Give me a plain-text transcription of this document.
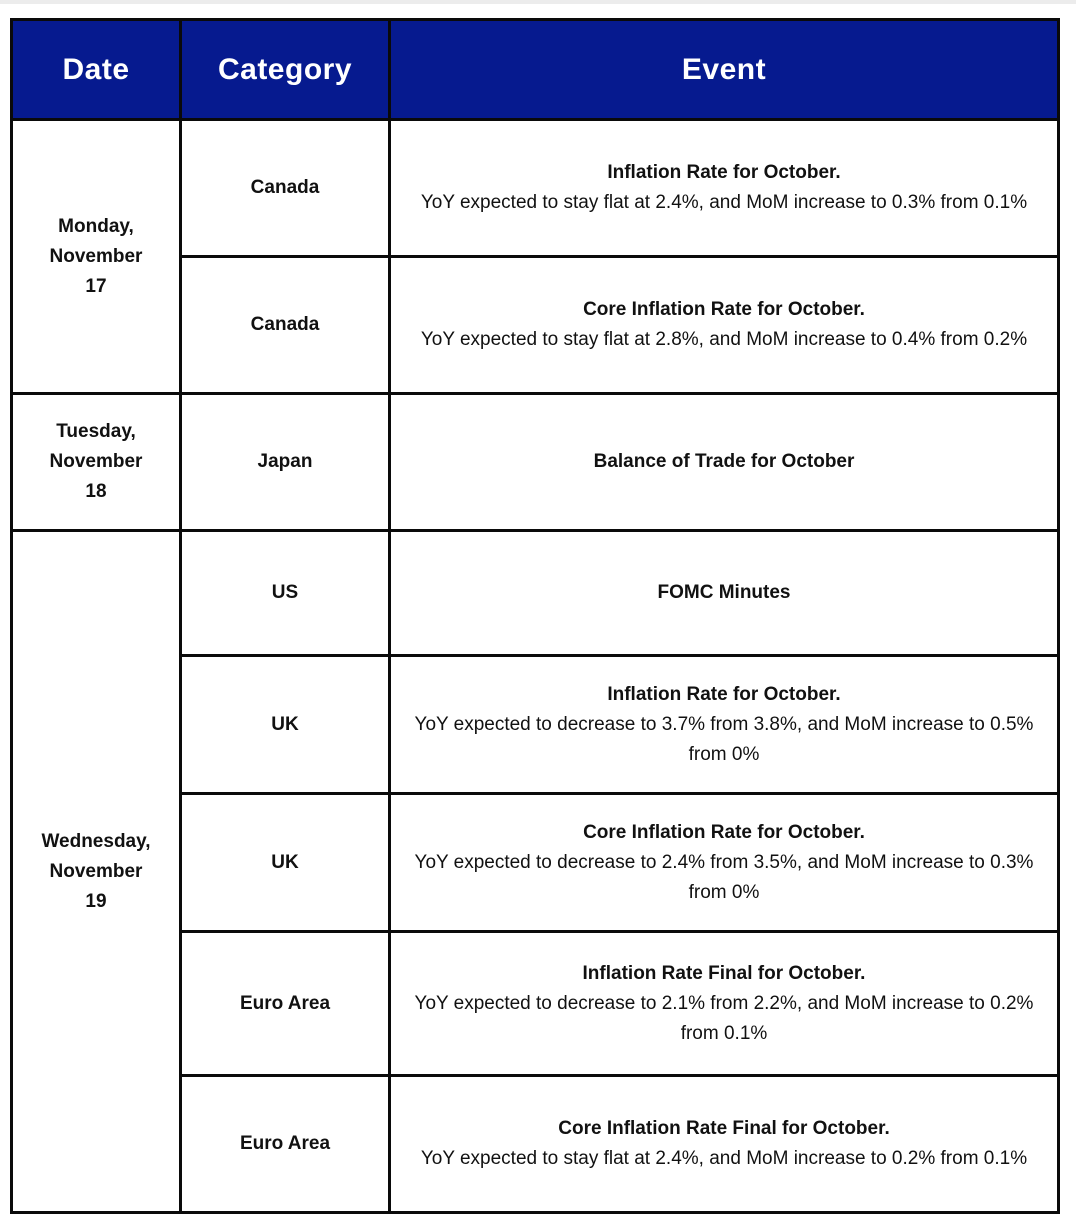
Date	Category	Event
Monday,
November
17	Canada	Inflation Rate for October.
YoY expected to stay flat at 2.4%, and MoM increase to 0.3% from 0.1%

	Canada	Core Inflation Rate for October.
YoY expected to stay flat at 2.8%, and MoM increase to 0.4% from 0.2%

Tuesday,
November
18	Japan	Balance of Trade for October

Wednesday,
November
19	US	FOMC Minutes

	UK	Inflation Rate for October.
YoY expected to decrease to 3.7% from 3.8%, and MoM increase to 0.5% from 0%

	UK	Core Inflation Rate for October.
YoY expected to decrease to 2.4% from 3.5%, and MoM increase to 0.3% from 0%

	Euro Area	Inflation Rate Final for October.
YoY expected to decrease to 2.1% from 2.2%, and MoM increase to 0.2% from 0.1%

	Euro Area	Core Inflation Rate Final for October.
YoY expected to stay flat at 2.4%, and MoM increase to 0.2% from 0.1%
